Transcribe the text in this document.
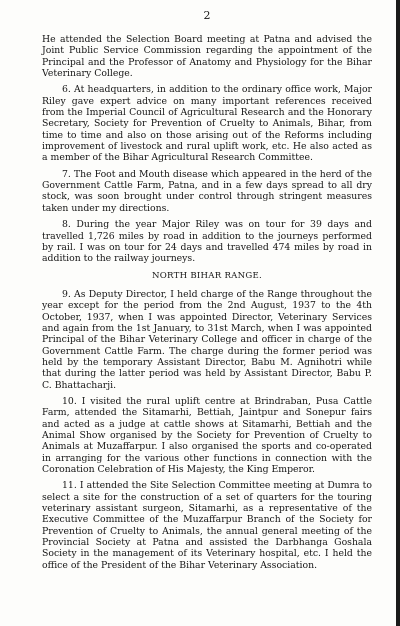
2

He attended the Selection Board meeting at Patna and advised the Joint Public Service Commission regarding the appointment of the Principal and the Professor of Anatomy and Physiology for the Bihar Veterinary College.

6. At headquarters, in addition to the ordinary office work, Major Riley gave expert advice on many important references received from the Imperial Council of Agricultural Research and the Honorary Secretary, Society for Prevention of Cruelty to Animals, Bihar, from time to time and also on those arising out of the Reforms including improvement of livestock and rural uplift work, etc. He also acted as a member of the Bihar Agricultural Research Committee.

7. The Foot and Mouth disease which appeared in the herd of the Government Cattle Farm, Patna, and in a few days spread to all dry stock, was soon brought under control through stringent measures taken under my directions.

8. During the year Major Riley was on tour for 39 days and travelled 1,726 miles by road in addition to the journeys performed by rail. I was on tour for 24 days and travelled 474 miles by road in addition to the railway journeys.

NORTH BIHAR RANGE.

9. As Deputy Director, I held charge of the Range throughout the year except for the period from the 2nd August, 1937 to the 4th October, 1937, when I was appointed Director, Veterinary Services and again from the 1st January, to 31st March, when I was appointed Principal of the Bihar Veterinary College and officer in charge of the Government Cattle Farm. The charge during the former period was held by the temporary Assistant Director, Babu M. Agnihotri while that during the latter period was held by Assistant Director, Babu P. C. Bhattacharji.

10. I visited the rural uplift centre at Brindraban, Pusa Cattle Farm, attended the Sitamarhi, Bettiah, Jaintpur and Sonepur fairs and acted as a judge at cattle shows at Sitamarhi, Bettiah and the Animal Show organised by the Society for Prevention of Cruelty to Animals at Muzaffarpur. I also organised the sports and co-operated in arranging for the various other functions in connection with the Coronation Celebration of His Majesty, the King Emperor.

11. I attended the Site Selection Committee meeting at Dumra to select a site for the construction of a set of quarters for the touring veterinary assistant surgeon, Sitamarhi, as a representative of the Executive Committee of the Muzaffarpur Branch of the Society for Prevention of Cruelty to Animals, the annual general meeting of the Provincial Society at Patna and assisted the Darbhanga Goshala Society in the management of its Veterinary hospital, etc. I held the office of the President of the Bihar Veterinary Association.
